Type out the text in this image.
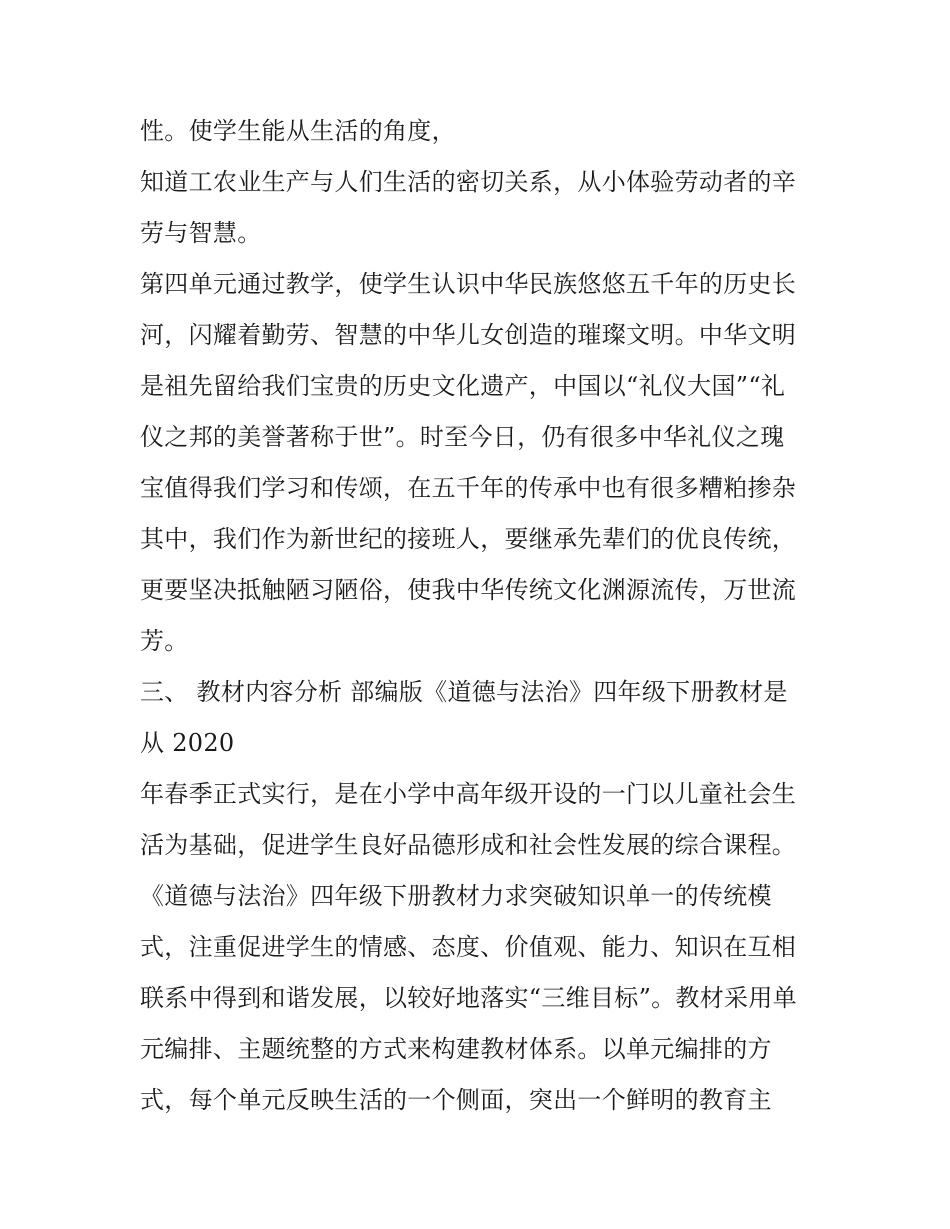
性。使学生能从生活的角度，
知道工农业生产与人们生活的密切关系，从小体验劳动者的辛
劳与智慧。
第四单元通过教学，使学生认识中华民族悠悠五千年的历史长
河，闪耀着勤劳、智慧的中华儿女创造的璀璨文明。中华文明
是祖先留给我们宝贵的历史文化遗产，中国以“礼仪大国”“礼
仪之邦的美誉著称于世”。时至今日，仍有很多中华礼仪之瑰
宝值得我们学习和传颂，在五千年的传承中也有很多糟粕掺杂
其中，我们作为新世纪的接班人，要继承先辈们的优良传统，
更要坚决抵触陋习陋俗，使我中华传统文化渊源流传，万世流
芳。
三、 教材内容分析 部编版《道德与法治》四年级下册教材是
从 2020
年春季正式实行，是在小学中高年级开设的一门以儿童社会生
活为基础，促进学生良好品德形成和社会性发展的综合课程。
《道德与法治》四年级下册教材力求突破知识单一的传统模
式，注重促进学生的情感、态度、价值观、能力、知识在互相
联系中得到和谐发展，以较好地落实“三维目标”。教材采用单
元编排、主题统整的方式来构建教材体系。以单元编排的方
式，每个单元反映生活的一个侧面，突出一个鲜明的教育主
